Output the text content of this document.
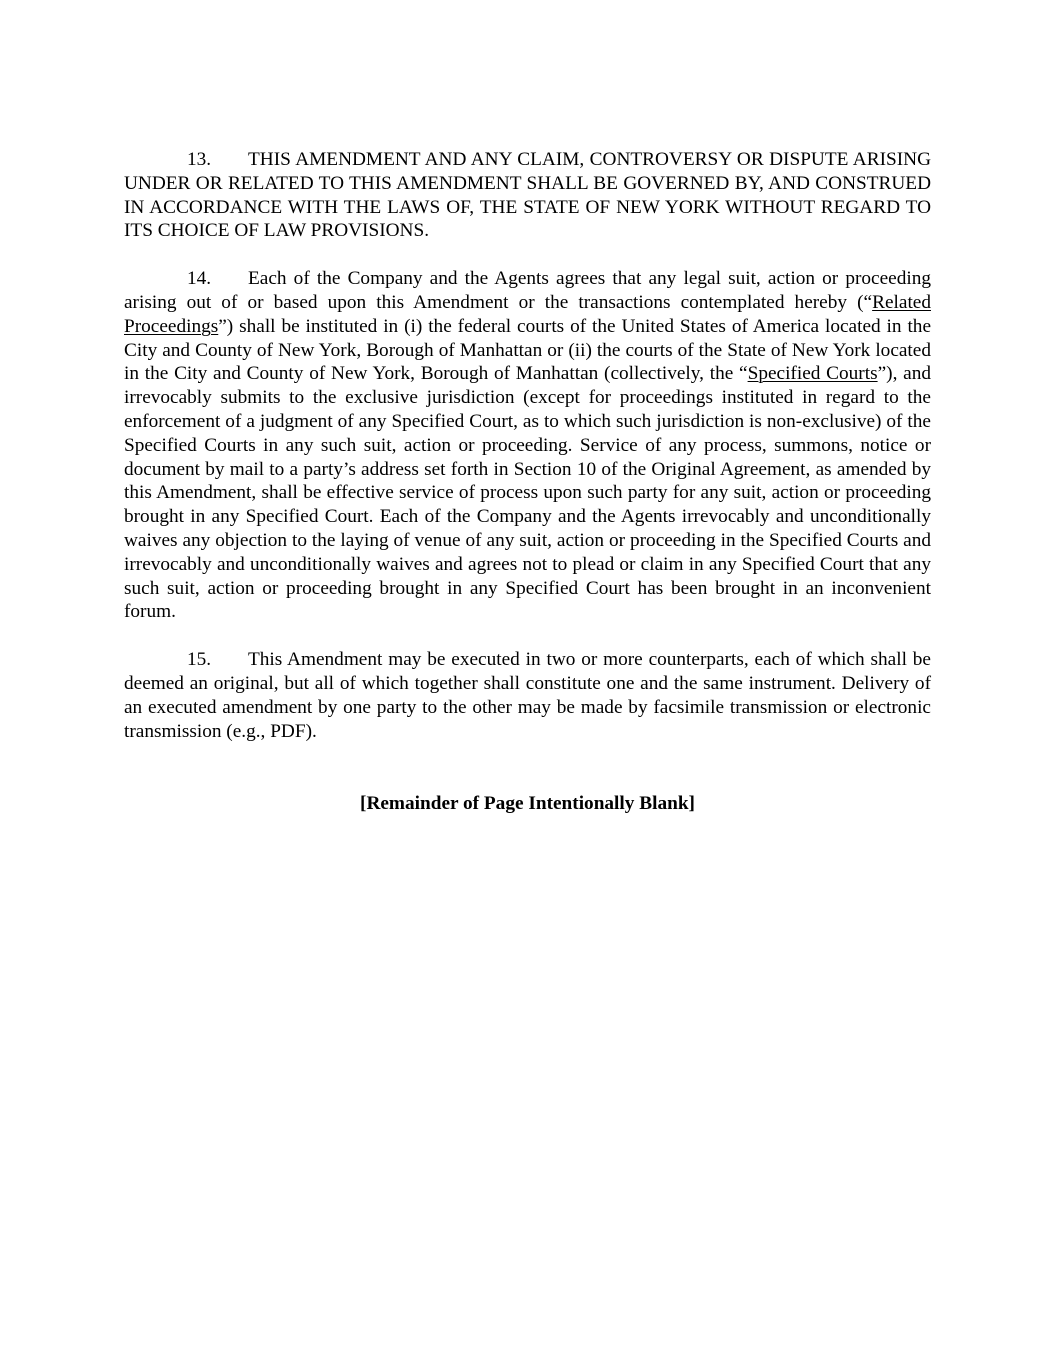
13. THIS AMENDMENT AND ANY CLAIM, CONTROVERSY OR DISPUTE ARISING UNDER OR RELATED TO THIS AMENDMENT SHALL BE GOVERNED BY, AND CONSTRUED IN ACCORDANCE WITH THE LAWS OF, THE STATE OF NEW YORK WITHOUT REGARD TO ITS CHOICE OF LAW PROVISIONS.

14. Each of the Company and the Agents agrees that any legal suit, action or proceeding arising out of or based upon this Amendment or the transactions contemplated hereby (“Related Proceedings”) shall be instituted in (i) the federal courts of the United States of America located in the City and County of New York, Borough of Manhattan or (ii) the courts of the State of New York located in the City and County of New York, Borough of Manhattan (collectively, the “Specified Courts”), and irrevocably submits to the exclusive jurisdiction (except for proceedings instituted in regard to the enforcement of a judgment of any Specified Court, as to which such jurisdiction is non-exclusive) of the Specified Courts in any such suit, action or proceeding. Service of any process, summons, notice or document by mail to a party’s address set forth in Section 10 of the Original Agreement, as amended by this Amendment, shall be effective service of process upon such party for any suit, action or proceeding brought in any Specified Court. Each of the Company and the Agents irrevocably and unconditionally waives any objection to the laying of venue of any suit, action or proceeding in the Specified Courts and irrevocably and unconditionally waives and agrees not to plead or claim in any Specified Court that any such suit, action or proceeding brought in any Specified Court has been brought in an inconvenient forum.

15. This Amendment may be executed in two or more counterparts, each of which shall be deemed an original, but all of which together shall constitute one and the same instrument. Delivery of an executed amendment by one party to the other may be made by facsimile transmission or electronic transmission (e.g., PDF).

[Remainder of Page Intentionally Blank]
